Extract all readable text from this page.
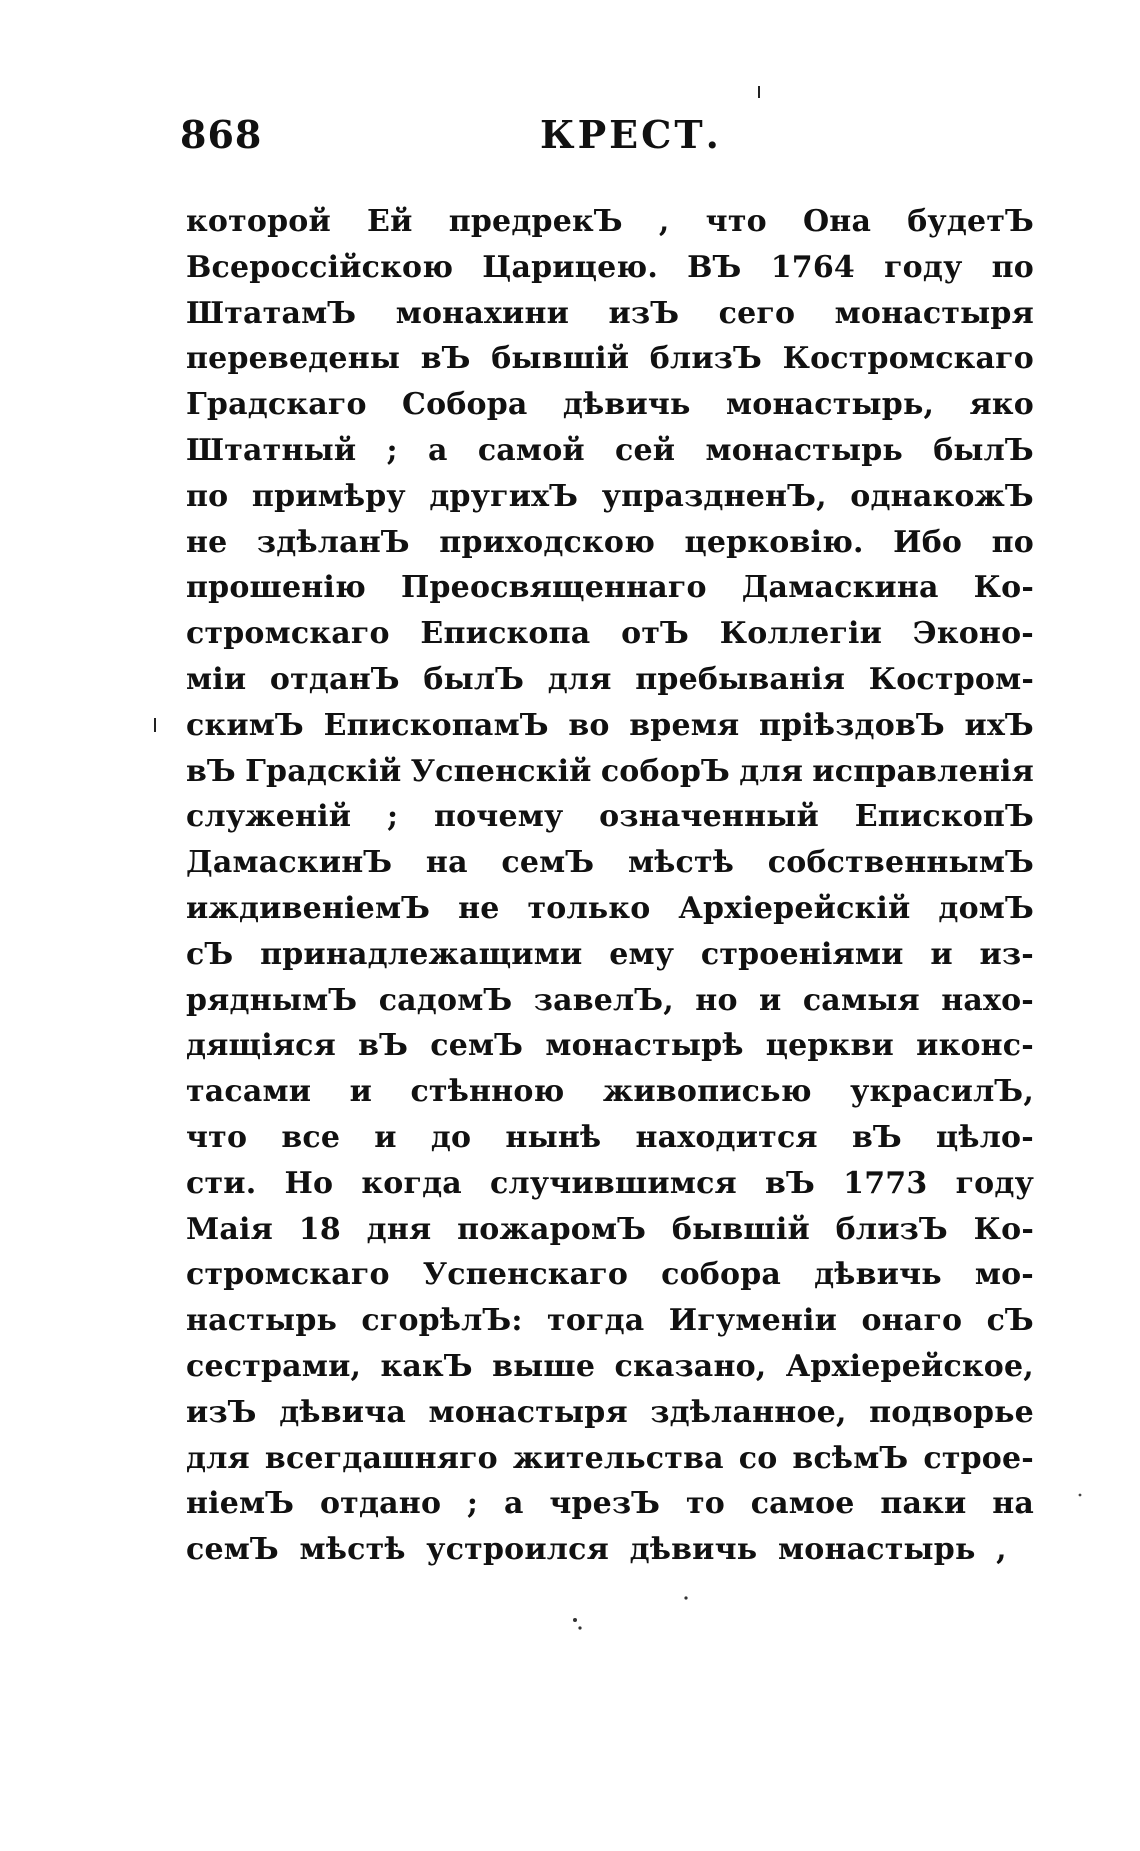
868	КРЕСТ.
которой Ей предрекЪ , что Она будетЪ
Всероссійскою Царицею. ВЪ 1764 году по
ШтатамЪ монахини изЪ сего монастыря
переведены вЪ бывшій близЪ Костромскаго
Градскаго Собора дѣвичь монастырь, яко
Штатный ; а самой сей монастырь былЪ
по примѣру другихЪ упраздненЪ, однакожЪ
не здѣланЪ приходскою церковію. Ибо по
прошенію Преосвященнаго Дамаскина Ко-
стромскаго Епископа отЪ Коллегіи Эконо-
міи отданЪ былЪ для пребыванія Костром-
скимЪ ЕпископамЪ во время пріѣздовЪ ихЪ
вЪ Градскій Успенскій соборЪ для исправленія
служеній ; почему означенный ЕпископЪ
ДамаскинЪ на семЪ мѣстѣ собственнымЪ
иждивеніемЪ не только Архіерейскій домЪ
сЪ принадлежащими ему строеніями и из-
ряднымЪ садомЪ завелЪ, но и самыя нахо-
дящіяся вЪ семЪ монастырѣ церкви иконс-
тасами и стѣнною живописью украсилЪ,
что все и до нынѣ находится вЪ цѣло-
сти. Но когда случившимся вЪ 1773 году
Маія 18 дня пожаромЪ бывшій близЪ Ко-
стромскаго Успенскаго собора дѣвичь мо-
настырь сгорѣлЪ: тогда Игуменіи онаго сЪ
сестрами, какЪ выше сказано, Архіерейское,
изЪ дѣвича монастыря здѣланное, подворье
для всегдашняго жительства со всѣмЪ строе-
ніемЪ отдано ; а чрезЪ то самое паки на
семЪ мѣстѣ устроился дѣвичь монастырь ,
